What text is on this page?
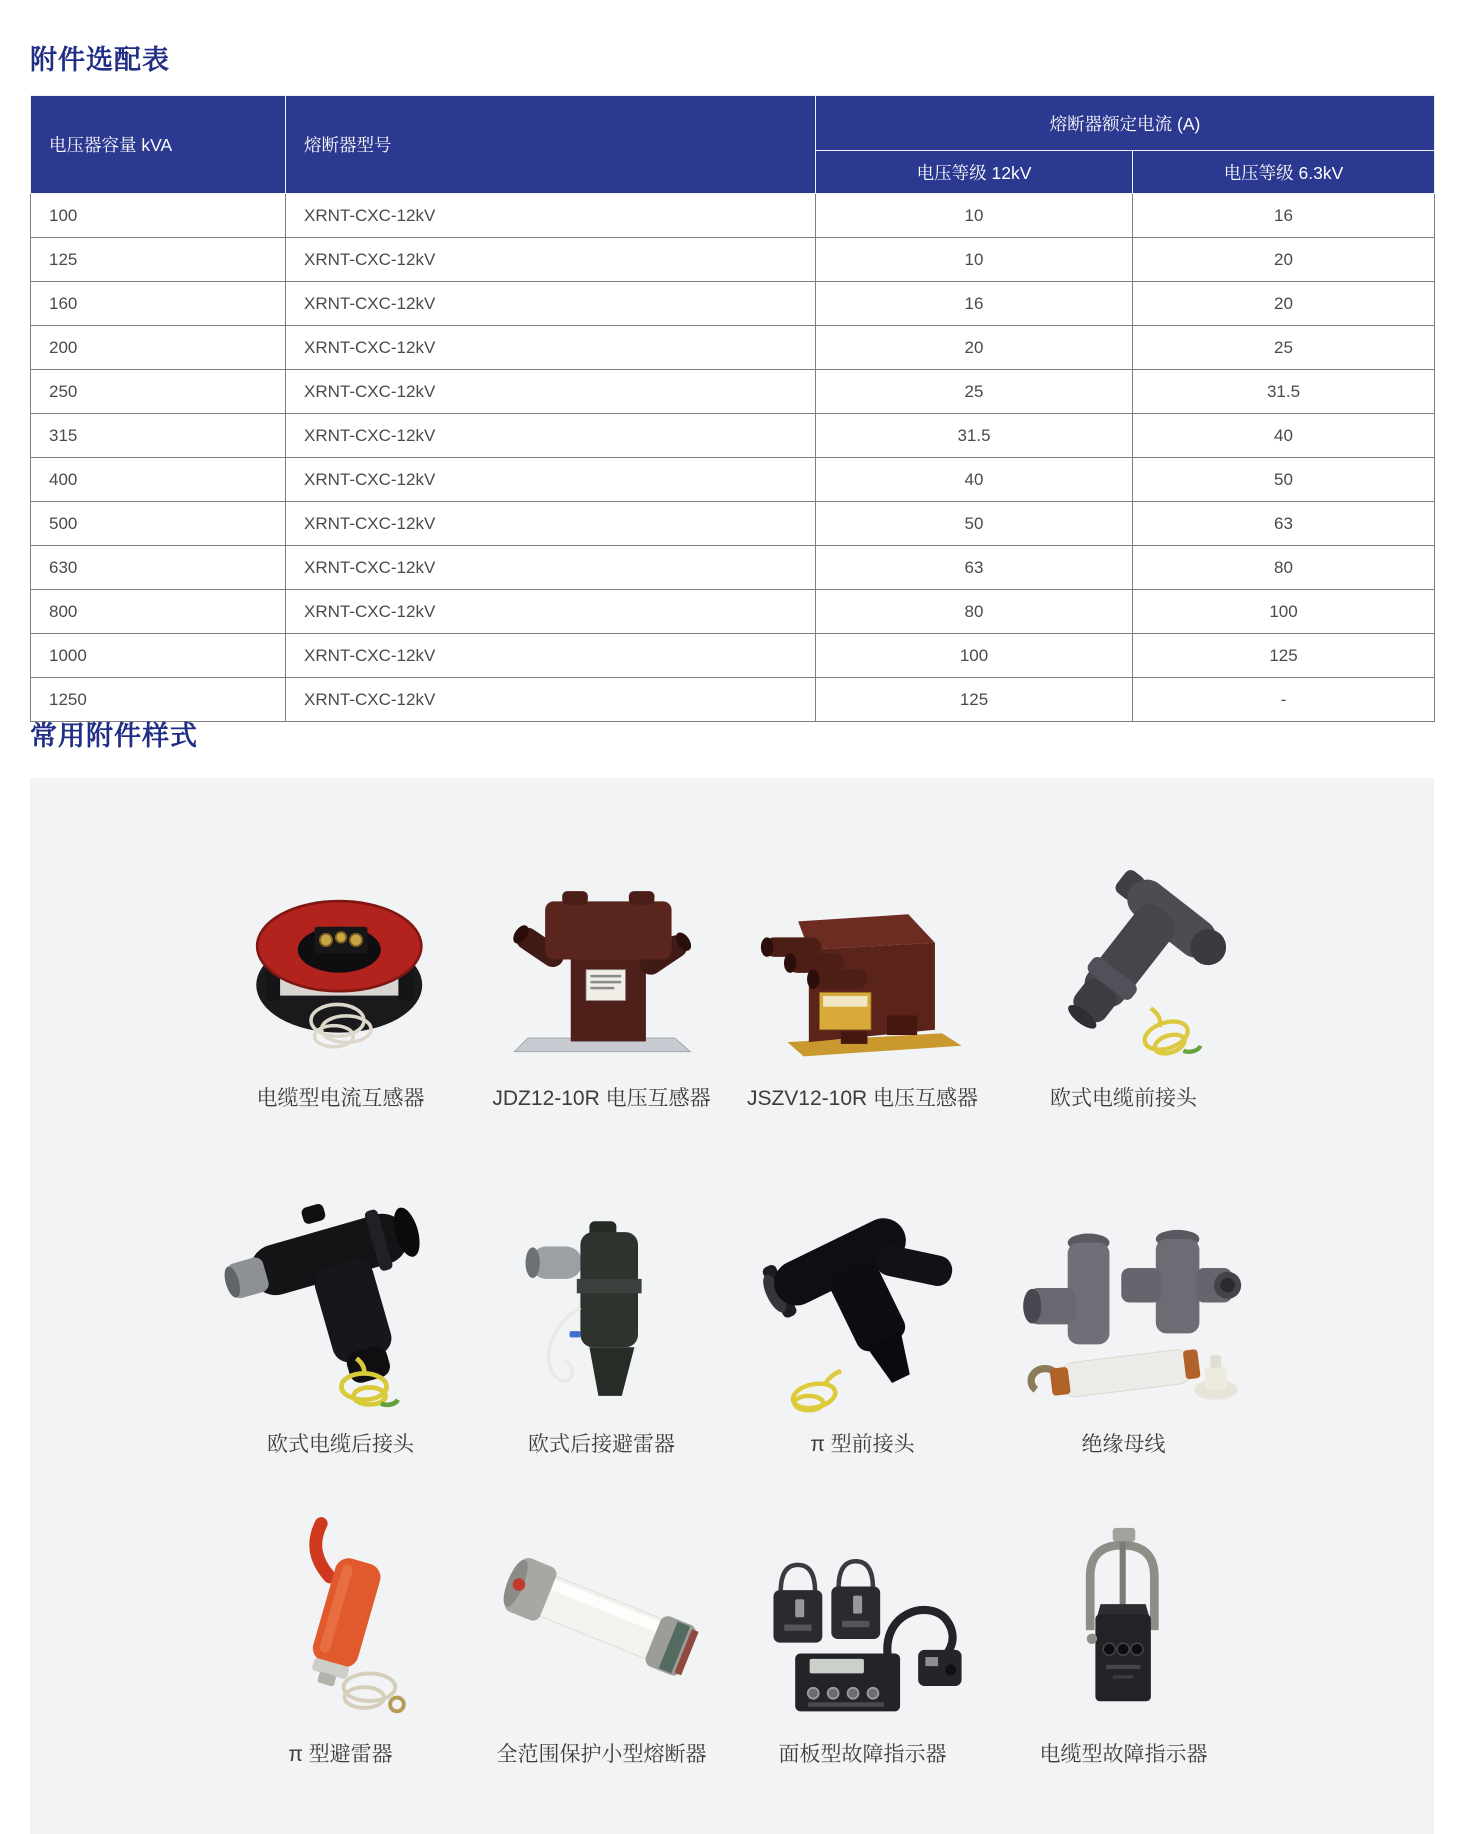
附件选配表
电压器容量 kVA	熔断器型号	熔断器额定电流 (A)	
		电压等级 12kV	电压等级 6.3kV
100	XRNT-CXC-12kV	10	16
125	XRNT-CXC-12kV	10	20
160	XRNT-CXC-12kV	16	20
200	XRNT-CXC-12kV	20	25
250	XRNT-CXC-12kV	25	31.5
315	XRNT-CXC-12kV	31.5	40
400	XRNT-CXC-12kV	40	50
500	XRNT-CXC-12kV	50	63
630	XRNT-CXC-12kV	63	80
800	XRNT-CXC-12kV	80	100
1000	XRNT-CXC-12kV	100	125
1250	XRNT-CXC-12kV	125	-
常用附件样式
电缆型电流互感器	JDZ12-10R 电压互感器 JSZV12-10R 电压互感器	欧式电缆前接头
欧式电缆后接头	欧式后接避雷器	π 型前接头	绝缘母线
π 型避雷器	全范围保护小型熔断器	面板型故障指示器	电缆型故障指示器
